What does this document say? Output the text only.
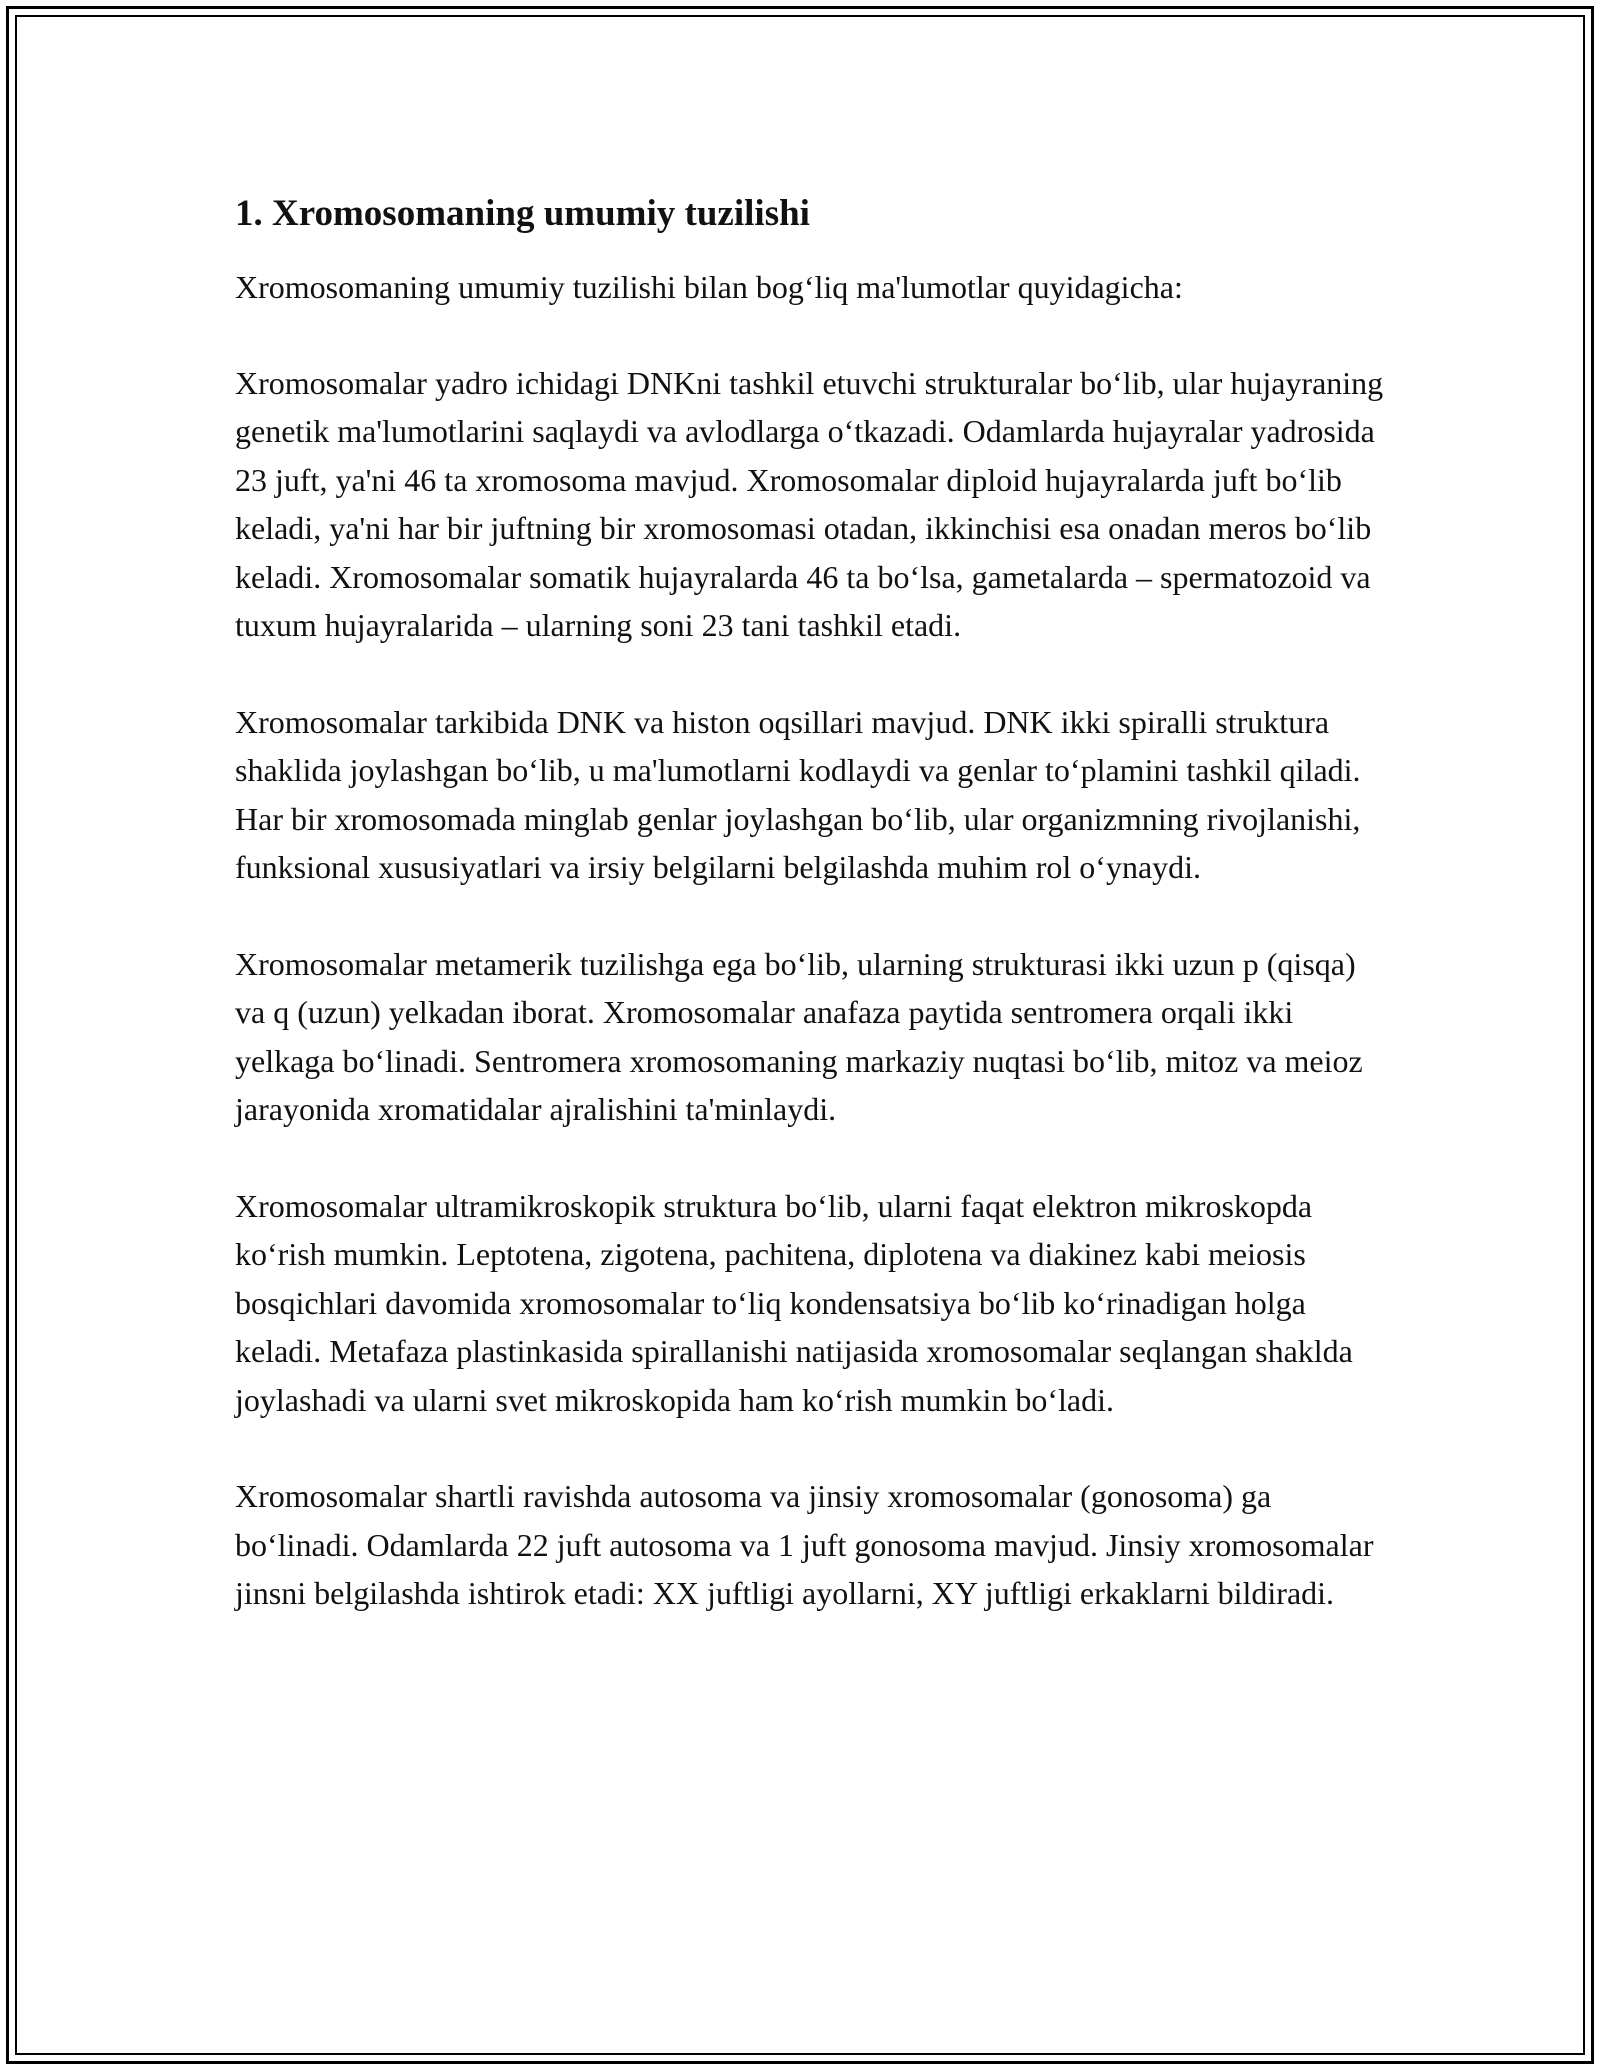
1. Xromosomaning umumiy tuzilishi

Xromosomaning umumiy tuzilishi bilan bog‘liq ma'lumotlar quyidagicha:

Xromosomalar yadro ichidagi DNKni tashkil etuvchi strukturalar bo‘lib, ular hujayraning genetik ma'lumotlarini saqlaydi va avlodlarga o‘tkazadi. Odamlarda hujayralar yadrosida 23 juft, ya'ni 46 ta xromosoma mavjud. Xromosomalar diploid hujayralarda juft bo‘lib keladi, ya'ni har bir juftning bir xromosomasi otadan, ikkinchisi esa onadan meros bo‘lib keladi. Xromosomalar somatik hujayralarda 46 ta bo‘lsa, gametalarda – spermatozoid va tuxum hujayralarida – ularning soni 23 tani tashkil etadi.

Xromosomalar tarkibida DNK va histon oqsillari mavjud. DNK ikki spiralli struktura shaklida joylashgan bo‘lib, u ma'lumotlarni kodlaydi va genlar to‘plamini tashkil qiladi. Har bir xromosomada minglab genlar joylashgan bo‘lib, ular organizmning rivojlanishi, funksional xususiyatlari va irsiy belgilarni belgilashda muhim rol o‘ynaydi.

Xromosomalar metamerik tuzilishga ega bo‘lib, ularning strukturasi ikki uzun p (qisqa) va q (uzun) yelkadan iborat. Xromosomalar anafaza paytida sentromera orqali ikki yelkaga bo‘linadi. Sentromera xromosomaning markaziy nuqtasi bo‘lib, mitoz va meioz jarayonida xromatidalar ajralishini ta'minlaydi.

Xromosomalar ultramikroskopik struktura bo‘lib, ularni faqat elektron mikroskopda ko‘rish mumkin. Leptotena, zigotena, pachitena, diplotena va diakinez kabi meiosis bosqichlari davomida xromosomalar to‘liq kondensatsiya bo‘lib ko‘rinadigan holga keladi. Metafaza plastinkasida spirallanishi natijasida xromosomalar seqlangan shaklda joylashadi va ularni svet mikroskopida ham ko‘rish mumkin bo‘ladi.

Xromosomalar shartli ravishda autosoma va jinsiy xromosomalar (gonosoma) ga bo‘linadi. Odamlarda 22 juft autosoma va 1 juft gonosoma mavjud. Jinsiy xromosomalar jinsni belgilashda ishtirok etadi: XX juftligi ayollarni, XY juftligi erkaklarni bildiradi.
